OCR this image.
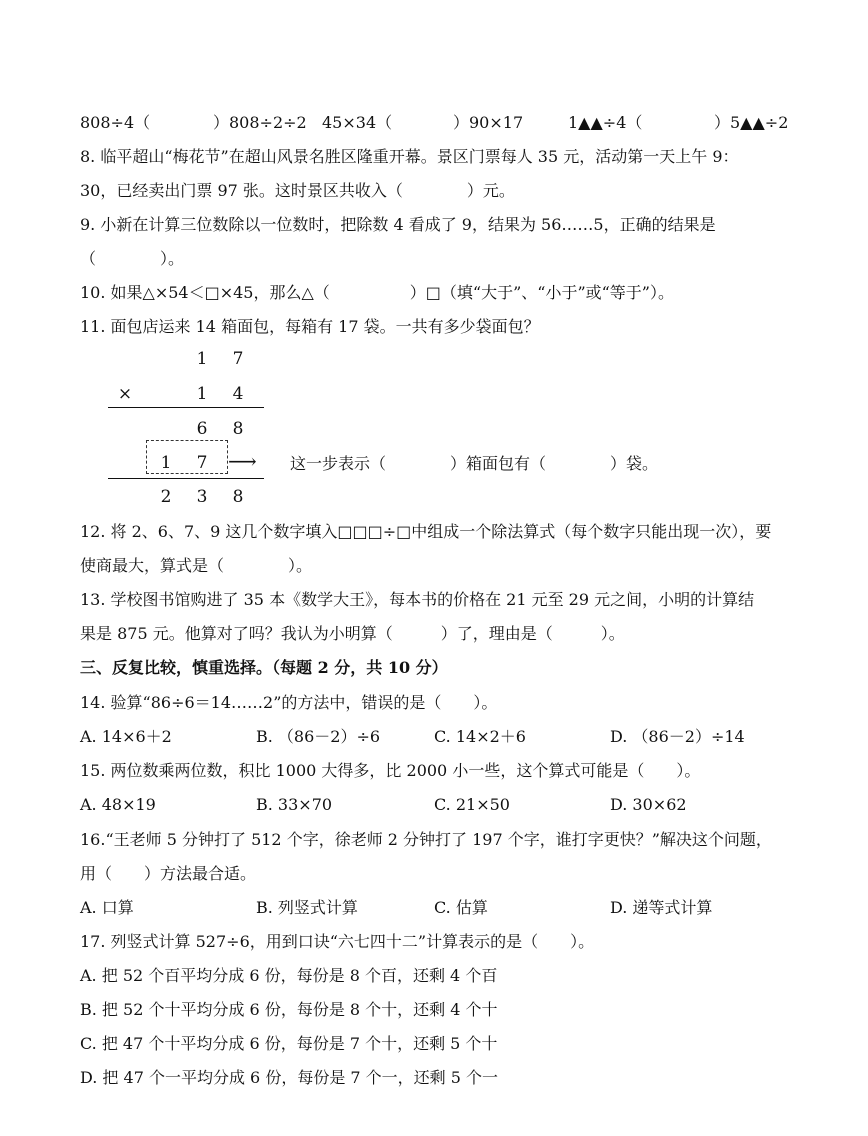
808÷4（	）808÷2÷2 45×34（	）90×17	1▲▲÷4（	）5▲▲÷2
8. 临平超山“梅花节”在超山风景名胜区隆重开幕。景区门票每人 35 元，活动第一天上午 9：
30，已经卖出门票 97 张。这时景区共收入（　　　　）元。
9. 小新在计算三位数除以一位数时，把除数 4 看成了 9，结果为 56……5，正确的结果是
（　　　　）。
10. 如果△×54＜□×45，那么△（　　　　　）□（填“大于”、“小于”或“等于”）。
11. 面包店运来 14 箱面包，每箱有 17 袋。一共有多少袋面包？
1 7
×	1 4
6 8
1 7 ⟶ 这一步表示（　　　　）箱面包有（　　　　）袋。
2 3 8
12. 将 2、6、7、9 这几个数字填入□□□÷□中组成一个除法算式（每个数字只能出现一次），要
使商最大，算式是（　　　　）。
13. 学校图书馆购进了 35 本《数学大王》，每本书的价格在 21 元至 29 元之间，小明的计算结
果是 875 元。他算对了吗？我认为小明算（　　　）了，理由是（　　　）。
三、反复比较，慎重选择。（每题 2 分，共 10 分）
14. 验算“86÷6＝14……2”的方法中，错误的是（　　）。
A. 14×6＋2	B. （86－2）÷6	C. 14×2＋6	D. （86－2）÷14
15. 两位数乘两位数，积比 1000 大得多，比 2000 小一些，这个算式可能是（　　）。
A. 48×19	B. 33×70	C. 21×50	D. 30×62
16.“王老师 5 分钟打了 512 个字，徐老师 2 分钟打了 197 个字，谁打字更快？”解决这个问题，
用（　　）方法最合适。
A. 口算	B. 列竖式计算	C. 估算	D. 递等式计算
17. 列竖式计算 527÷6，用到口诀“六七四十二”计算表示的是（　　）。
A. 把 52 个百平均分成 6 份，每份是 8 个百，还剩 4 个百
B. 把 52 个十平均分成 6 份，每份是 8 个十，还剩 4 个十
C. 把 47 个十平均分成 6 份，每份是 7 个十，还剩 5 个十
D. 把 47 个一平均分成 6 份，每份是 7 个一，还剩 5 个一
